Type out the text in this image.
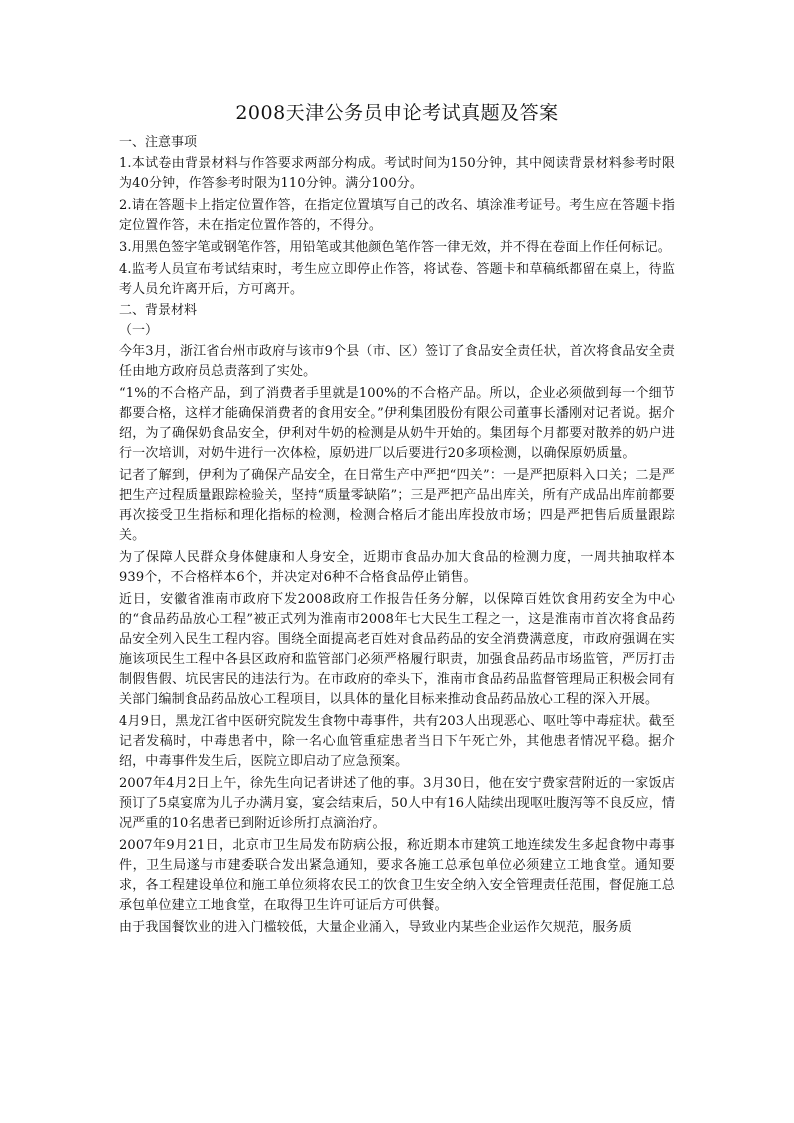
2008天津公务员申论考试真题及答案
一、注意事项

1.本试卷由背景材料与作答要求两部分构成。考试时间为150分钟，其中阅读背景材料参考时限为40分钟，作答参考时限为110分钟。满分100分。

2.请在答题卡上指定位置作答，在指定位置填写自己的改名、填涂准考证号。考生应在答题卡指定位置作答，未在指定位置作答的，不得分。

3.用黑色签字笔或钢笔作答，用铅笔或其他颜色笔作答一律无效，并不得在卷面上作任何标记。

4.监考人员宣布考试结束时，考生应立即停止作答，将试卷、答题卡和草稿纸都留在桌上，待监考人员允许离开后，方可离开。

二、背景材料
（一）

今年3月，浙江省台州市政府与该市9个县（市、区）签订了食品安全责任状，首次将食品安全责任由地方政府员总责落到了实处。

“1%的不合格产品，到了消费者手里就是100%的不合格产品。所以，企业必须做到每一个细节都要合格，这样才能确保消费者的食用安全。”伊利集团股份有限公司董事长潘刚对记者说。据介绍，为了确保奶食品安全，伊利对牛奶的检测是从奶牛开始的。集团每个月都要对散养的奶户进行一次培训，对奶牛进行一次体检，原奶进厂以后要进行20多项检测，以确保原奶质量。

记者了解到，伊利为了确保产品安全，在日常生产中严把“四关”：一是严把原料入口关；二是严把生产过程质量跟踪检验关，坚持“质量零缺陷”；三是严把产品出库关，所有产成品出库前都要再次接受卫生指标和理化指标的检测，检测合格后才能出库投放市场；四是严把售后质量跟踪关。

为了保障人民群众身体健康和人身安全，近期市食品办加大食品的检测力度，一周共抽取样本939个，不合格样本6个，并决定对6种不合格食品停止销售。

近日，安徽省淮南市政府下发2008政府工作报告任务分解，以保障百姓饮食用药安全为中心的“食品药品放心工程”被正式列为淮南市2008年七大民生工程之一，这是淮南市首次将食品药品安全列入民生工程内容。围绕全面提高老百姓对食品药品的安全消费满意度，市政府强调在实施该项民生工程中各县区政府和监管部门必须严格履行职责，加强食品药品市场监管，严厉打击制假售假、坑民害民的违法行为。在市政府的牵头下，淮南市食品药品监督管理局正积极会同有关部门编制食品药品放心工程项目，以具体的量化目标来推动食品药品放心工程的深入开展。

4月9日，黑龙江省中医研究院发生食物中毒事件，共有203人出现恶心、呕吐等中毒症状。截至记者发稿时，中毒患者中，除一名心血管重症患者当日下午死亡外，其他患者情况平稳。据介绍，中毒事件发生后，医院立即启动了应急预案。

2007年4月2日上午，徐先生向记者讲述了他的事。3月30日，他在安宁费家营附近的一家饭店预订了5桌宴席为儿子办满月宴，宴会结束后，50人中有16人陆续出现呕吐腹泻等不良反应，情况严重的10名患者已到附近诊所打点滴治疗。

2007年9月21日，北京市卫生局发布防病公报，称近期本市建筑工地连续发生多起食物中毒事件，卫生局遂与市建委联合发出紧急通知，要求各施工总承包单位必须建立工地食堂。通知要求，各工程建设单位和施工单位须将农民工的饮食卫生安全纳入安全管理责任范围，督促施工总承包单位建立工地食堂，在取得卫生许可证后方可供餐。

由于我国餐饮业的进入门槛较低，大量企业涌入，导致业内某些企业运作欠规范，服务质
